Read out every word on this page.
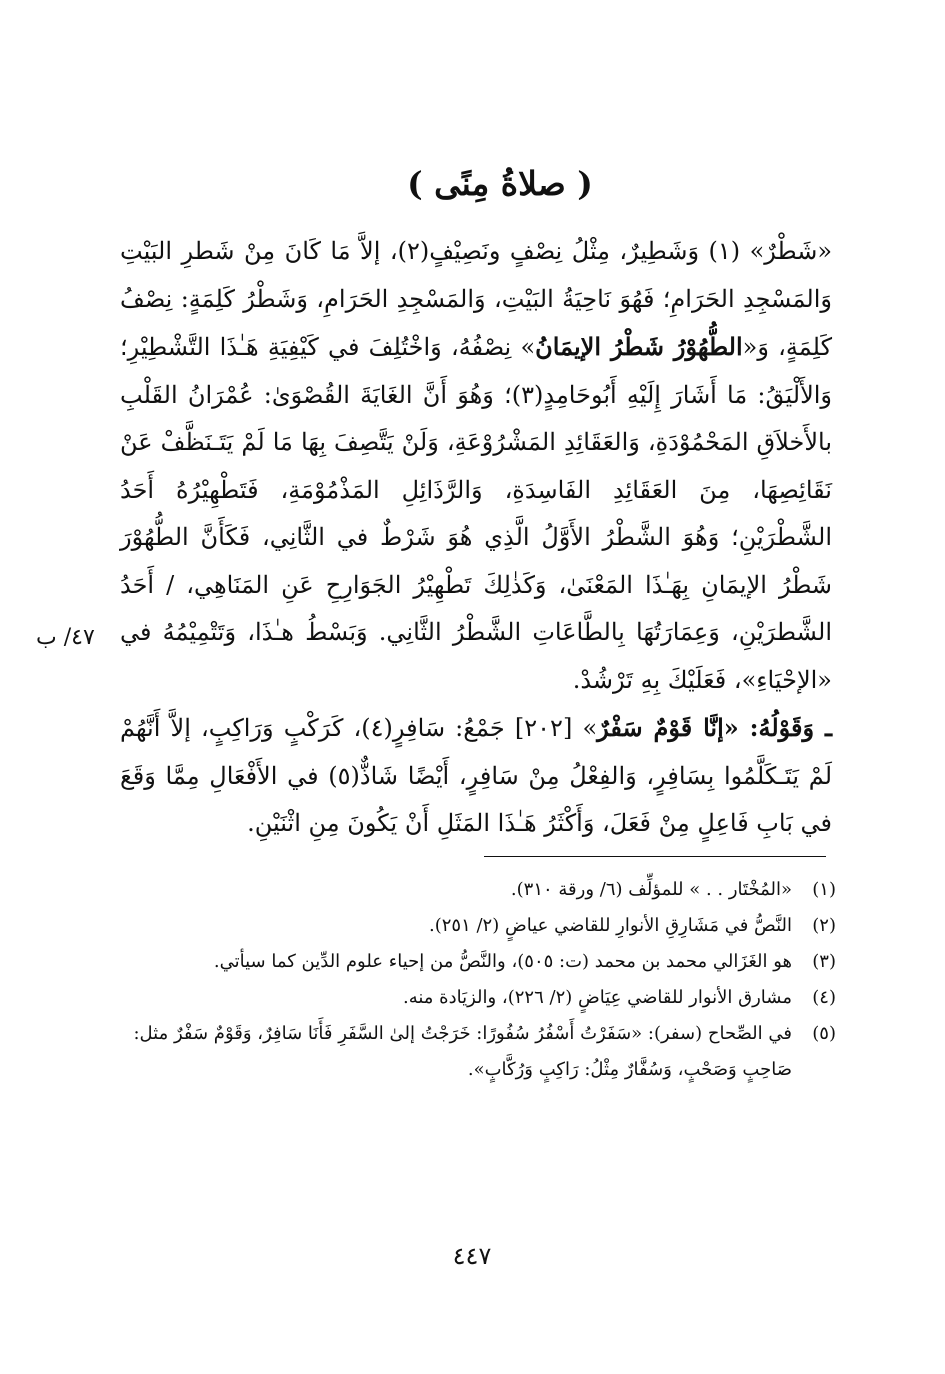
( صلاةُ مِنًى )

«شَطْرٌ» (١) وَشَطِيرٌ، مِثْلُ نِصْفٍ ونَصِيْفٍ(٢)، إلاَّ مَا كَانَ مِنْ شَطرِ البَيْتِ وَالمَسْجِدِ الحَرَامِ؛ فَهُوَ نَاحِيَةُ البَيْتِ، وَالمَسْجِدِ الحَرَامِ، وَشَطْرُ كَلِمَةٍ: نِصْفُ كَلِمَةٍ، وَ«الطُّهُوْرُ شَطْرُ الإيمَانُ» نِصْفُهُ، وَاخْتُلِفَ في كَيْفِيَةِ هَـٰذَا التَّشْطِيْرِ؛ وَالأَلْيَقُ: مَا أَشَارَ إِلَيْهِ أَبُوحَامِدٍ(٣)؛ وَهُوَ أَنَّ الغَايَةَ القُصْوَىٰ: عُمْرَانُ القَلْبِ بالأَخلاَقِ المَحْمُوْدَةِ، وَالعَقَائِدِ المَشْرُوْعَةِ، وَلَنْ يَتَّصِفَ بِهَا مَا لَمْ يَتَـنَظَّفْ عَنْ نَقَائِصِهَا، مِنَ العَقَائِدِ الفَاسِدَةِ، وَالرَّذَائِلِ المَذْمُوْمَةِ، فَتَطْهِيْرُهُ أَحَدُ الشَّطْرَيْنِ؛ وَهُوَ الشَّطْرُ الأَوَّلُ الَّذِي هُوَ شَرْطٌ في الثَّانِي، فَكَأَنَّ الطُّهُوْرَ شَطْرُ الإيمَانِ بِهَـٰذَا المَعْنَىٰ، وَكَذٰلِكَ تَطْهِيْرُ الجَوَارِحِ عَنِ المَنَاهِي، / أَحَدُ الشَّطرَيْنِ، وَعِمَارَتُهَا بِالطَّاعَاتِ الشَّطْرُ الثَّانِي. وَبَسْطُ هـٰذَا، وَتَتْمِيْمُهُ في «الإحْيَاءِ»، فَعَلَيْكَ بِهِ تَرْشُدْ.

ـ وَقَوْلُهُ: «إنَّا قَوْمٌ سَفْرٌ» [٢٠٢] جَمْعُ: سَافِرٍ(٤)، كَرَكْبٍ وَرَاكِبٍ، إلاَّ أَنَّهُمْ لَمْ يَتَـكَلَّمُوا بِسَافِرٍ، وَالفِعْلُ مِنْ سَافِرٍ، أَيْضًا شَاذٌّ(٥) في الأَفْعَالِ مِمَّا وَقَعَ في بَابِ فَاعِلٍ مِنْ فَعَلَ، وَأَكْثَرُ هَـٰذَا المَثَلِ أَنْ يَكُونَ مِنِ اثْنَيْنِ.

٤٧/ ب
(١)
«المُخْتَار . . » للمؤلِّف (٦/ ورقة ٣١٠).
(٢)
النَّصُّ في مَشَارِقِ الأنوارِ للقاضي عياضٍ (٢/ ٢٥١).
(٣)
هو الغَزَالي محمد بن محمد (ت: ٥٠٥)، والنَّصُّ من إحياء علوم الدِّين كما سيأتي.
(٤)
مشارق الأنوار للقاضي عِيَاضٍ (٢/ ٢٢٦)، والزيَادة منه.
(٥)
في الصِّحاح (سفر): «سَفَرْتُ أَسْفُرُ سُفُورًا: خَرَجْتُ إلىٰ السَّفَرِ فَأَنَا سَافِرٌ، وَقَوْمٌ سَفْرٌ مثل: صَاحِبٍ وَصَحْبٍ، وَسُفَّارٌ مِثْلُ: رَاكِبٍ وَرُكَّابٍ».
٤٤٧
